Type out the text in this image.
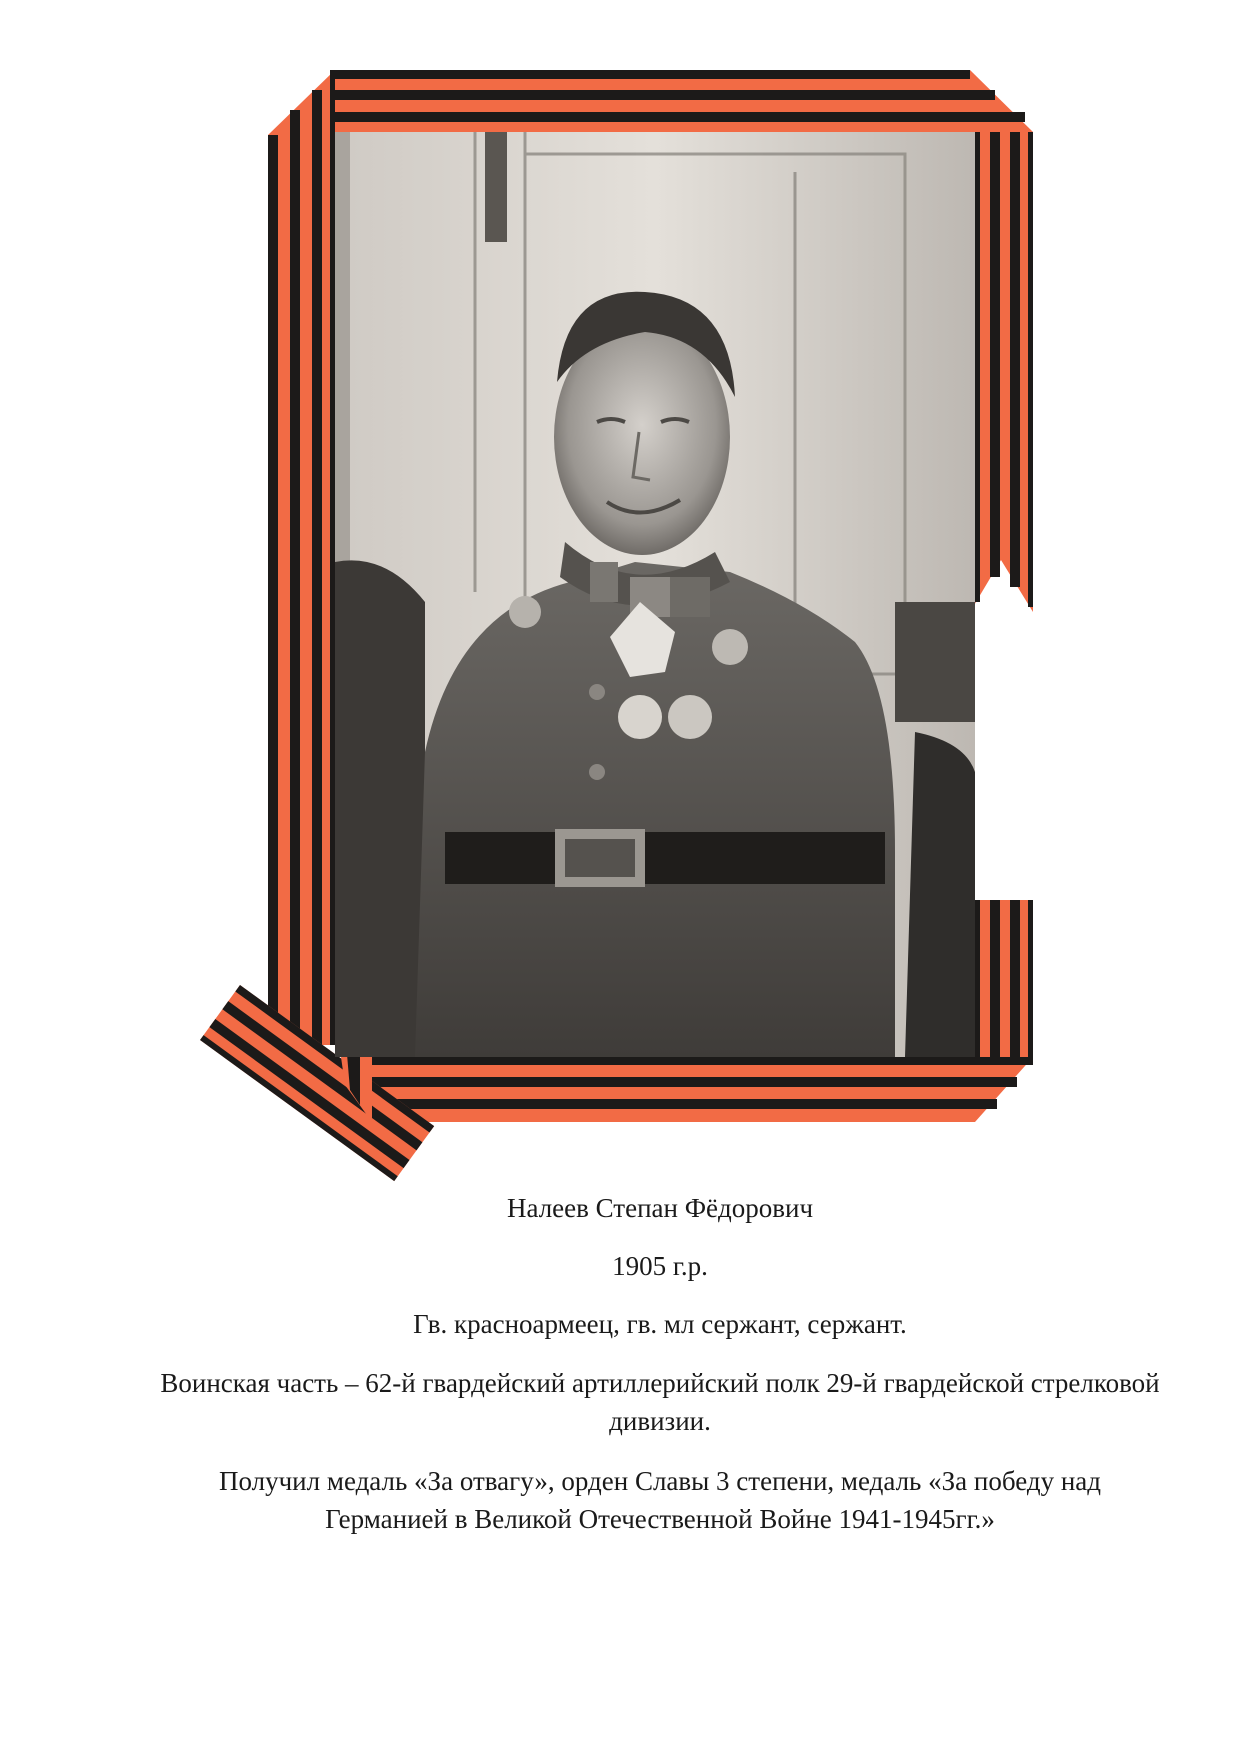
Налеев Степан Фёдорович

1905 г.р.

Гв. красноармеец, гв. мл сержант, сержант.

Воинская часть – 62-й гвардейский артиллерийский полк 29-й гвардейской стрелковой дивизии.

Получил медаль «За отвагу», орден Славы 3 степени, медаль «За победу над Германией в Великой Отечественной Войне 1941-1945гг.»
